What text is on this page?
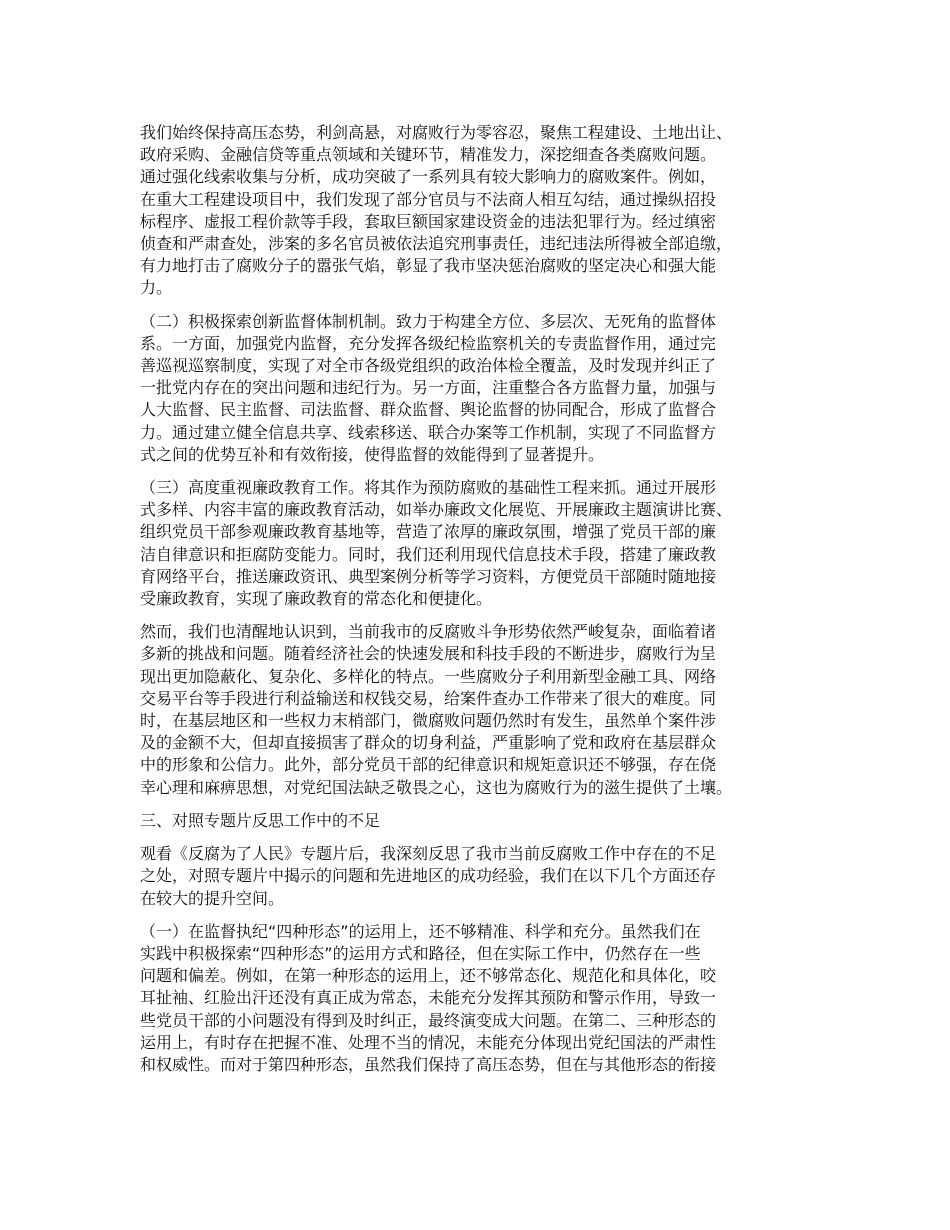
我们始终保持高压态势，利剑高悬，对腐败行为零容忍，聚焦工程建设、土地出让、
政府采购、金融信贷等重点领域和关键环节，精准发力，深挖细查各类腐败问题。
通过强化线索收集与分析，成功突破了一系列具有较大影响力的腐败案件。例如，
在重大工程建设项目中，我们发现了部分官员与不法商人相互勾结，通过操纵招投
标程序、虚报工程价款等手段，套取巨额国家建设资金的违法犯罪行为。经过缜密
侦查和严肃查处，涉案的多名官员被依法追究刑事责任，违纪违法所得被全部追缴，
有力地打击了腐败分子的嚣张气焰，彰显了我市坚决惩治腐败的坚定决心和强大能
力。

（二）积极探索创新监督体制机制。致力于构建全方位、多层次、无死角的监督体
系。一方面，加强党内监督，充分发挥各级纪检监察机关的专责监督作用，通过完
善巡视巡察制度，实现了对全市各级党组织的政治体检全覆盖，及时发现并纠正了
一批党内存在的突出问题和违纪行为。另一方面，注重整合各方监督力量，加强与
人大监督、民主监督、司法监督、群众监督、舆论监督的协同配合，形成了监督合
力。通过建立健全信息共享、线索移送、联合办案等工作机制，实现了不同监督方
式之间的优势互补和有效衔接，使得监督的效能得到了显著提升。

（三）高度重视廉政教育工作。将其作为预防腐败的基础性工程来抓。通过开展形
式多样、内容丰富的廉政教育活动，如举办廉政文化展览、开展廉政主题演讲比赛、
组织党员干部参观廉政教育基地等，营造了浓厚的廉政氛围，增强了党员干部的廉
洁自律意识和拒腐防变能力。同时，我们还利用现代信息技术手段，搭建了廉政教
育网络平台，推送廉政资讯、典型案例分析等学习资料，方便党员干部随时随地接
受廉政教育，实现了廉政教育的常态化和便捷化。

然而，我们也清醒地认识到，当前我市的反腐败斗争形势依然严峻复杂，面临着诸
多新的挑战和问题。随着经济社会的快速发展和科技手段的不断进步，腐败行为呈
现出更加隐蔽化、复杂化、多样化的特点。一些腐败分子利用新型金融工具、网络
交易平台等手段进行利益输送和权钱交易，给案件查办工作带来了很大的难度。同
时，在基层地区和一些权力末梢部门，微腐败问题仍然时有发生，虽然单个案件涉
及的金额不大，但却直接损害了群众的切身利益，严重影响了党和政府在基层群众
中的形象和公信力。此外，部分党员干部的纪律意识和规矩意识还不够强，存在侥
幸心理和麻痹思想，对党纪国法缺乏敬畏之心，这也为腐败行为的滋生提供了土壤。

三、对照专题片反思工作中的不足

观看《反腐为了人民》专题片后，我深刻反思了我市当前反腐败工作中存在的不足
之处，对照专题片中揭示的问题和先进地区的成功经验，我们在以下几个方面还存
在较大的提升空间。

（一）在监督执纪“四种形态”的运用上，还不够精准、科学和充分。虽然我们在
实践中积极探索“四种形态”的运用方式和路径，但在实际工作中，仍然存在一些
问题和偏差。例如，在第一种形态的运用上，还不够常态化、规范化和具体化，咬
耳扯袖、红脸出汗还没有真正成为常态，未能充分发挥其预防和警示作用，导致一
些党员干部的小问题没有得到及时纠正，最终演变成大问题。在第二、三种形态的
运用上，有时存在把握不准、处理不当的情况，未能充分体现出党纪国法的严肃性
和权威性。而对于第四种形态，虽然我们保持了高压态势，但在与其他形态的衔接
